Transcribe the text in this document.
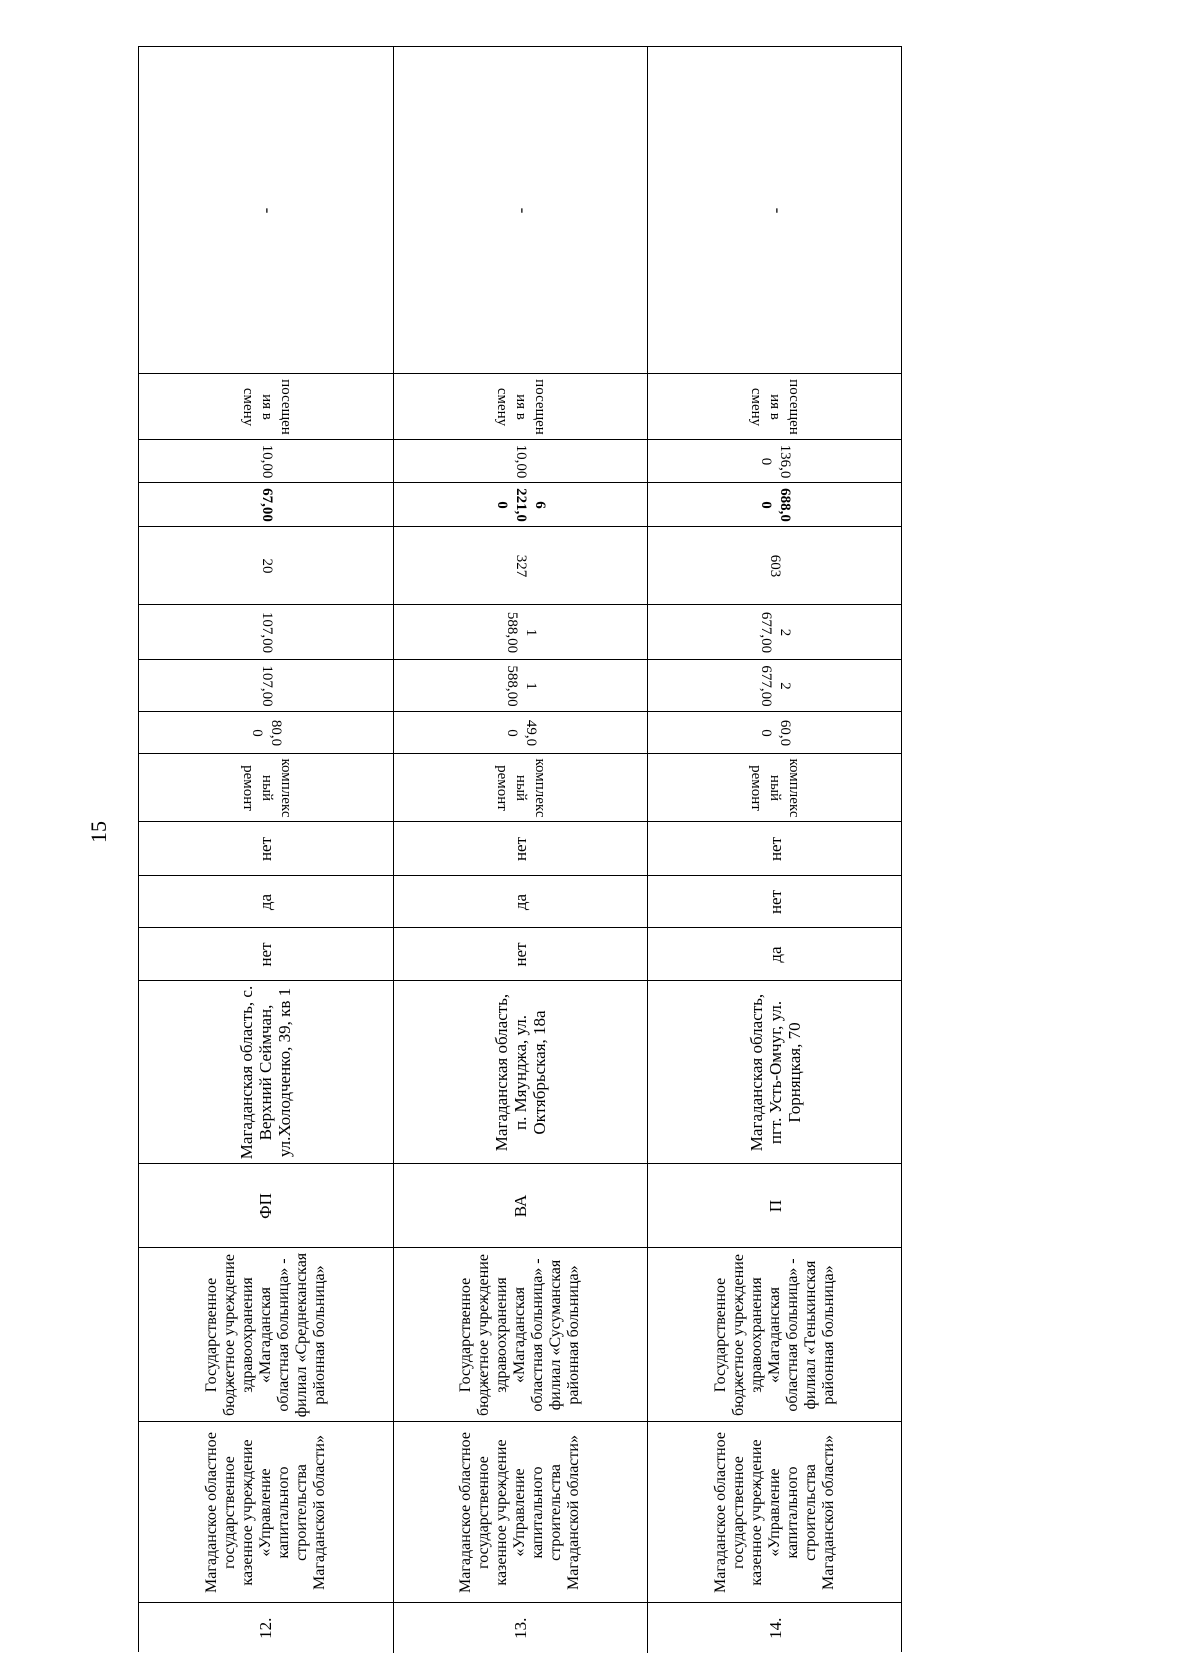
15
12.	Магаданское областное государственное казенное учреждение «Управление капитального строительства Магаданской области»	Государственное бюджетное учреждение здравоохранения «Магаданская областная больница» - филиал «Среднеканская районная больница»	ФП	Магаданская область, с. Верхний Сеймчан, ул.Холодченко, 39, кв 1	нет	да	нет	комплексный ремонт	80,00	107,00	107,00	20	67,00	10,00	посещения в смену	-
13.	Магаданское областное государственное казенное учреждение «Управление капитального строительства Магаданской области»	Государственное бюджетное учреждение здравоохранения «Магаданская областная больница» - филиал «Сусуманская районная больница»	ВА	Магаданская область, п. Мяунджа, ул. Октябрьская, 18а	нет	да	нет	комплексный ремонт	49,00	1 588,00	1 588,00	327	6 221,00	10,00	посещения в смену	-
14.	Магаданское областное государственное казенное учреждение «Управление капитального строительства Магаданской области»	Государственное бюджетное учреждение здравоохранения «Магаданская областная больница» - филиал «Тенькинская районная больница»	П	Магаданская область, пгт. Усть-Омчуг, ул. Горняцкая, 70	да	нет	нет	комплексный ремонт	60,00	2 677,00	2 677,00	603	688,00	136,00	посещения в смену	-
